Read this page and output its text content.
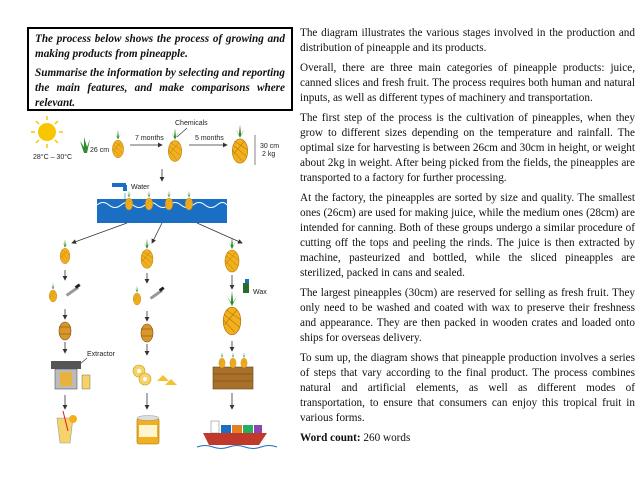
The process below shows the process of growing and making products from pineapple.

Summarise the information by selecting and reporting the main features, and make comparisons where relevant.

The diagram illustrates the various stages involved in the production and distribution of pineapple and its products.

Overall, there are three main categories of pineapple products: juice, canned slices and fresh fruit. The process requires both human and natural inputs, as well as different types of machinery and transportation.

The first step of the process is the cultivation of pineapples, when they grow to different sizes depending on the temperature and rainfall. The optimal size for harvesting is between 26cm and 30cm in height, or weight about 2kg in weight. After being picked from the fields, the pineapples are transported to a factory for further processing.

At the factory, the pineapples are sorted by size and quality. The smallest ones (26cm) are used for making juice, while the medium ones (28cm) are intended for canning. Both of these groups undergo a similar procedure of cutting off the tops and peeling the rinds. The juice is then extracted by machine, pasteurized and bottled, while the sliced pineapples are sterilized, packed in cans and sealed.

The largest pineapples (30cm) are reserved for selling as fresh fruit. They only need to be washed and coated with wax to preserve their freshness and appearance. They are then packed in wooden crates and loaded onto ships for overseas delivery.

To sum up, the diagram shows that pineapple production involves a series of steps that vary according to the final product. The process combines natural and artificial elements, as well as different modes of transportation, to ensure that consumers can enjoy this tropical fruit in various forms.

Word count: 260 words

28°C – 30°C
26 cm
7 months
Chemicals
5 months
30 cm
2 kg
Water
Wax
Extractor
